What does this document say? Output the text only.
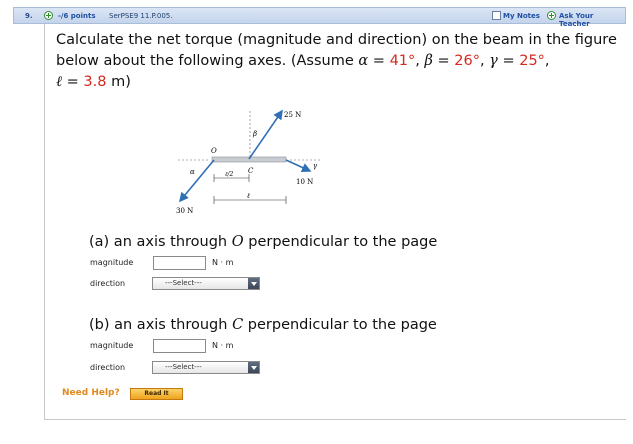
9.	-/6 points SerPSE9 11.P.005.	My Notes	Ask Your Teacher
Calculate the net torque (magnitude and direction) on the beam in the figure
below about the following axes. (Assume α = 41°, β = 26°, γ = 25°,
ℓ = 3.8 m)
25 N
10 N
30 N
O
C
β
α
γ
ℓ/2
ℓ
(a) an axis through O perpendicular to the page
magnitude	N · m
direction	---Select---
(b) an axis through C perpendicular to the page
magnitude	N · m
direction	---Select---
Need Help?	Read It
